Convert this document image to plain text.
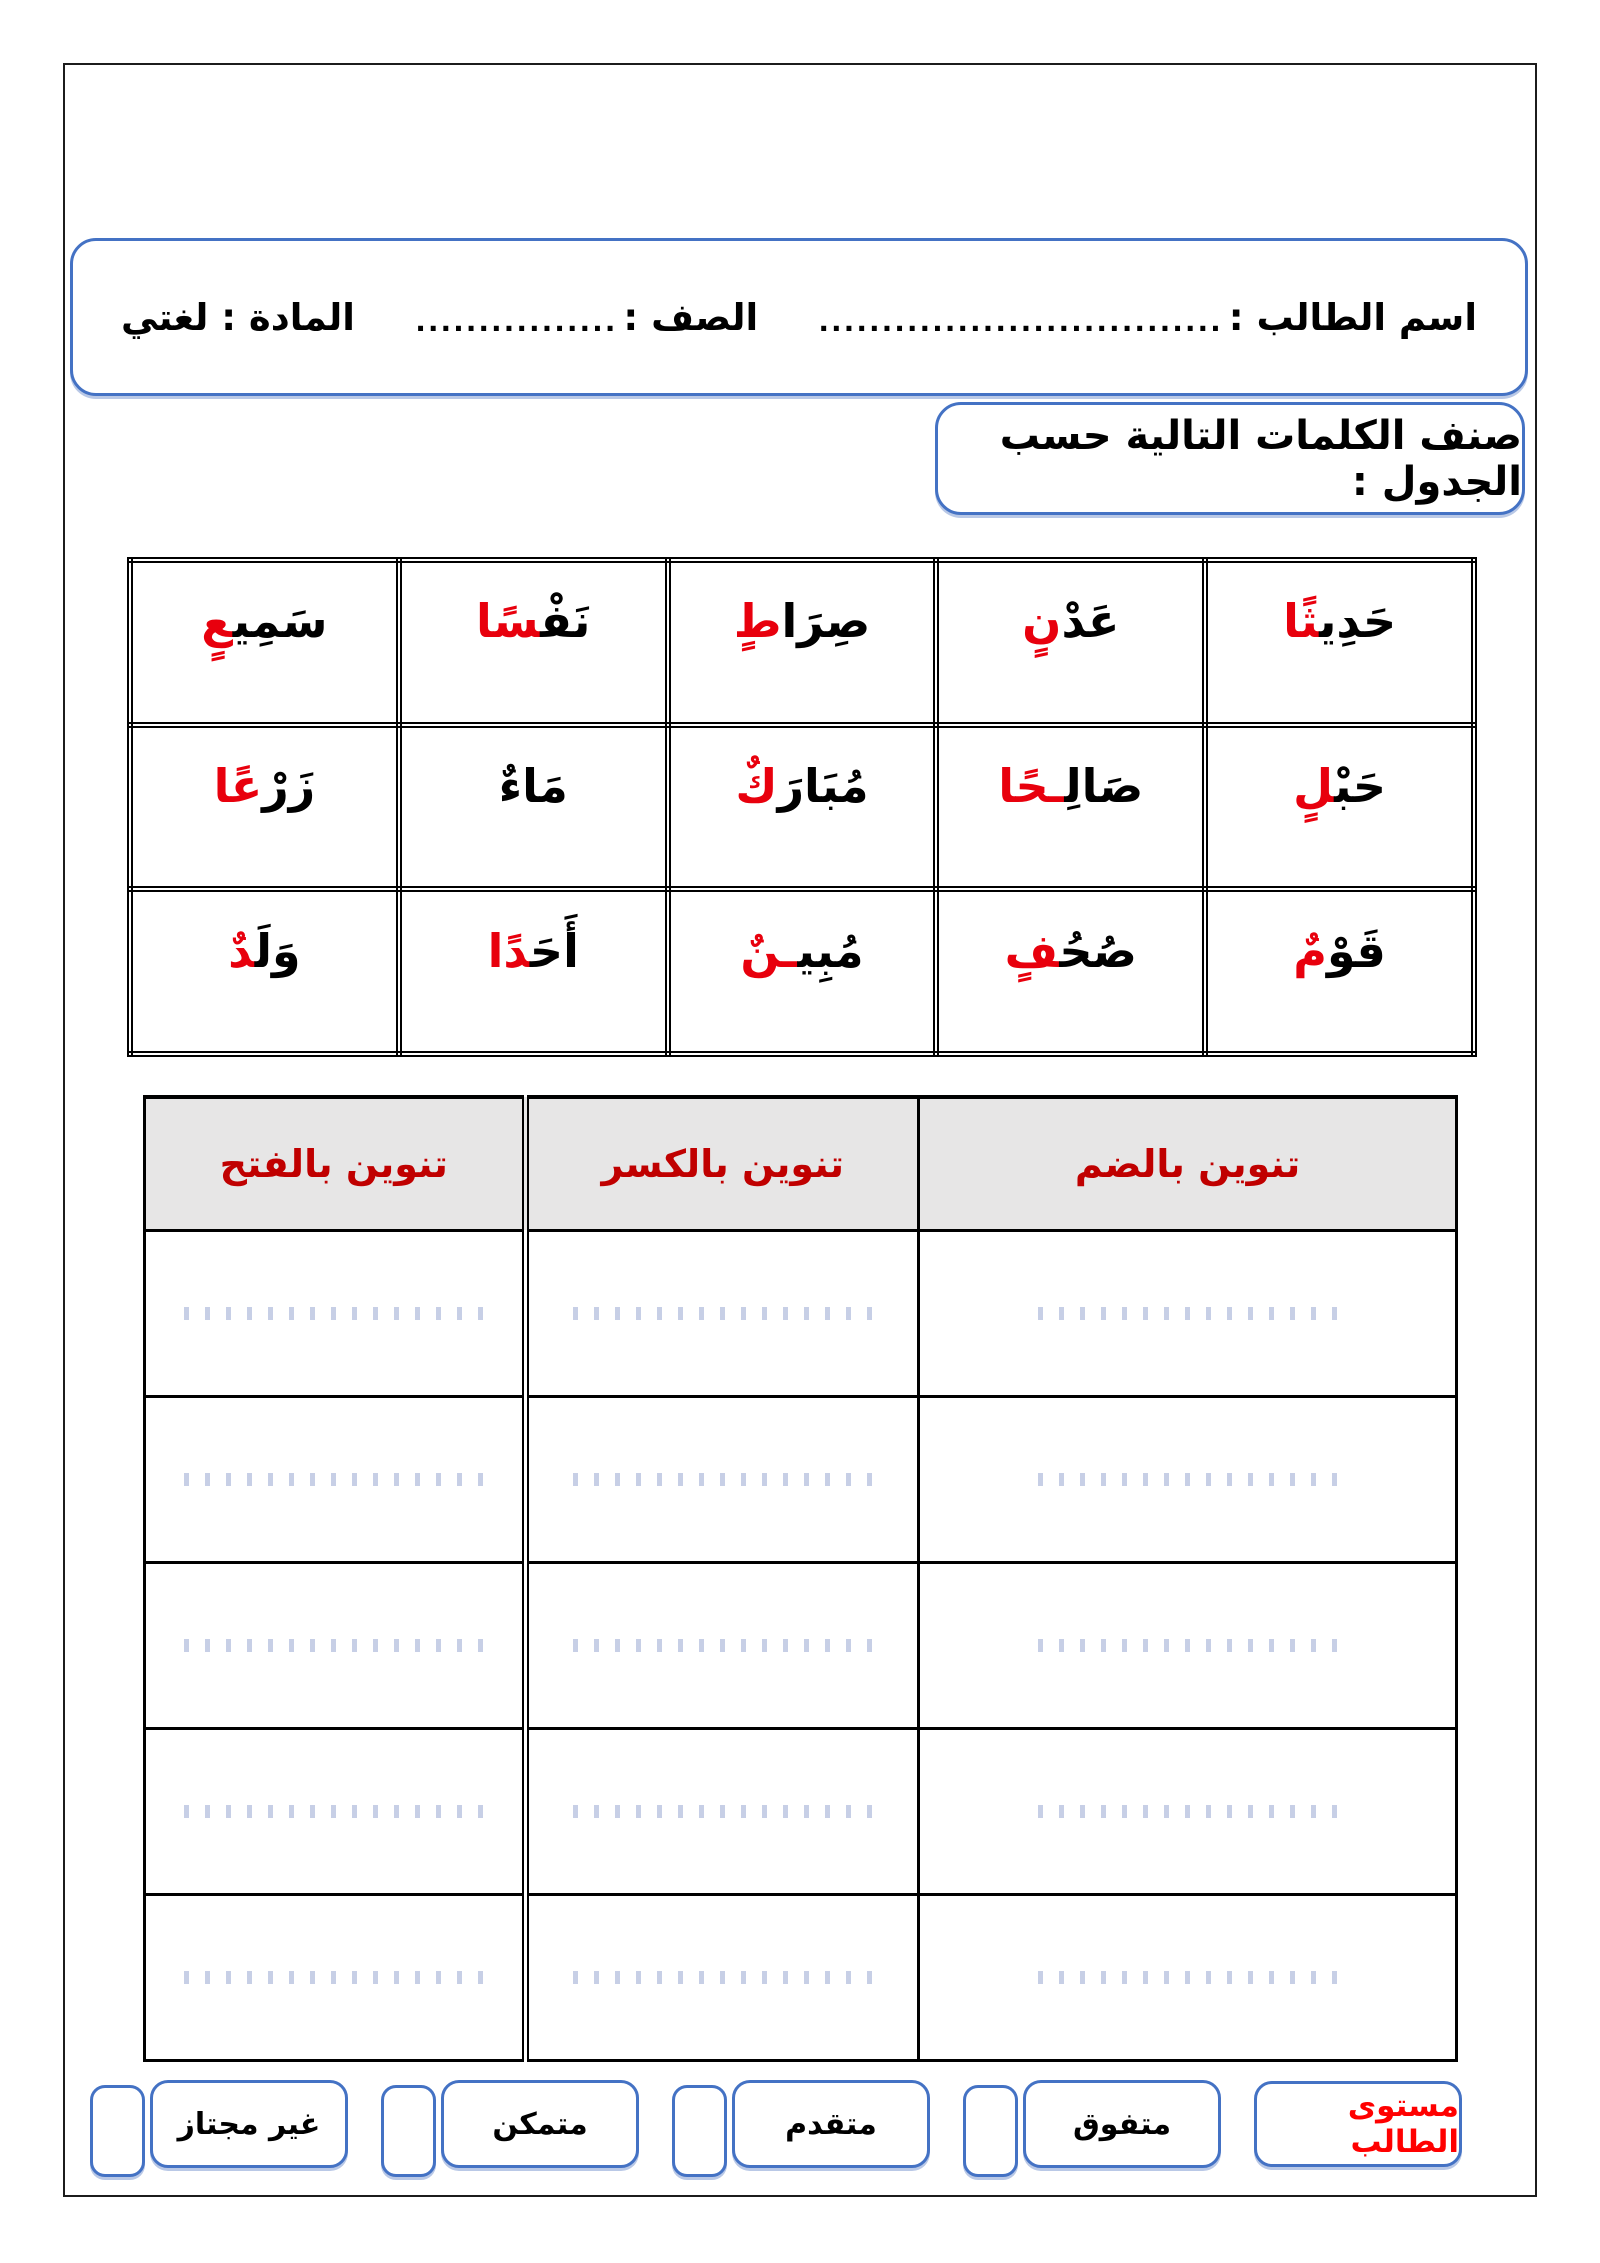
اسم الطالب :
................................
الصف :
................
المادة : لغتي
صنف الكلمات التالية حسب الجدول :
حَدِيثًا	عَدْنٍ	صِرَاطٍ	نَفْسًا	سَمِيعٍ
حَبْلٍ	صَالِـحًا	مُبَارَكٌ	مَاءٌ	زَرْعًا
قَوْمٌ	صُحُفٍ	مُبِيـنٌ	أَحَدًا	وَلَدٌ
تنوين بالضم	تنوين بالكسر	تنوين بالفتح

غير مجتاز	متمكن	متقدم	متفوق	مستوى الطالب
